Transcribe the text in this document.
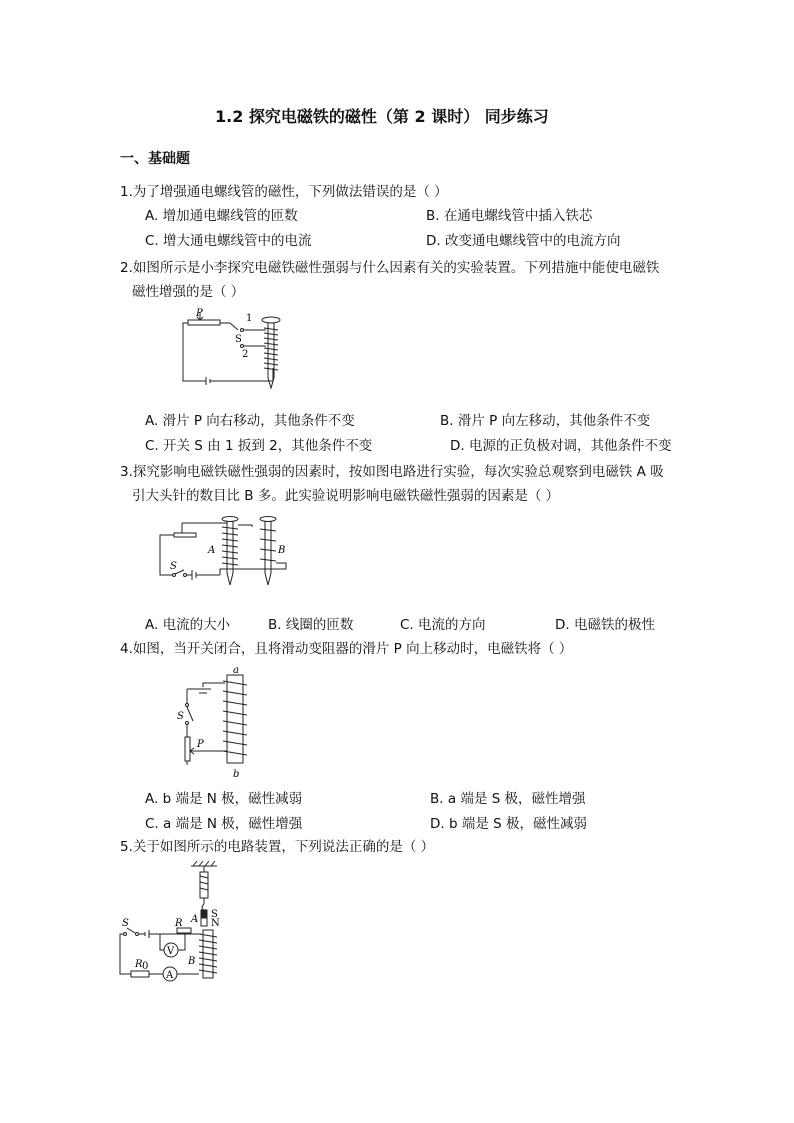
1.2 探究电磁铁的磁性（第 2 课时） 同步练习
一、基础题
1.为了增强通电螺线管的磁性，下列做法错误的是（ ）
A. 增加通电螺线管的匝数	B. 在通电螺线管中插入铁芯
C. 增大通电螺线管中的电流	D. 改变通电螺线管中的电流方向
2.如图所示是小李探究电磁铁磁性强弱与什么因素有关的实验装置。下列措施中能使电磁铁
磁性增强的是（ ）
P	1
S
2
A. 滑片 P 向右移动，其他条件不变	B. 滑片 P 向左移动，其他条件不变
C. 开关 S 由 1 扳到 2，其他条件不变	D. 电源的正负极对调，其他条件不变
3.探究影响电磁铁磁性强弱的因素时，按如图电路进行实验，每次实验总观察到电磁铁 A 吸
引大头针的数目比 B 多。此实验说明影响电磁铁磁性强弱的因素是（ ）
A	B
S
A. 电流的大小	B. 线圈的匝数	C. 电流的方向	D. 电磁铁的极性
4.如图，当开关闭合，且将滑动变阻器的滑片 P 向上移动时，电磁铁将（ ）
a
b
S
P
A. b 端是 N 极，磁性减弱	B. a 端是 S 极，磁性增强
C. a 端是 N 极，磁性增强	D. b 端是 S 极，磁性减弱
5.关于如图所示的电路装置，下列说法正确的是（ ）
S	R A
B
V
A
R 0
S
N
